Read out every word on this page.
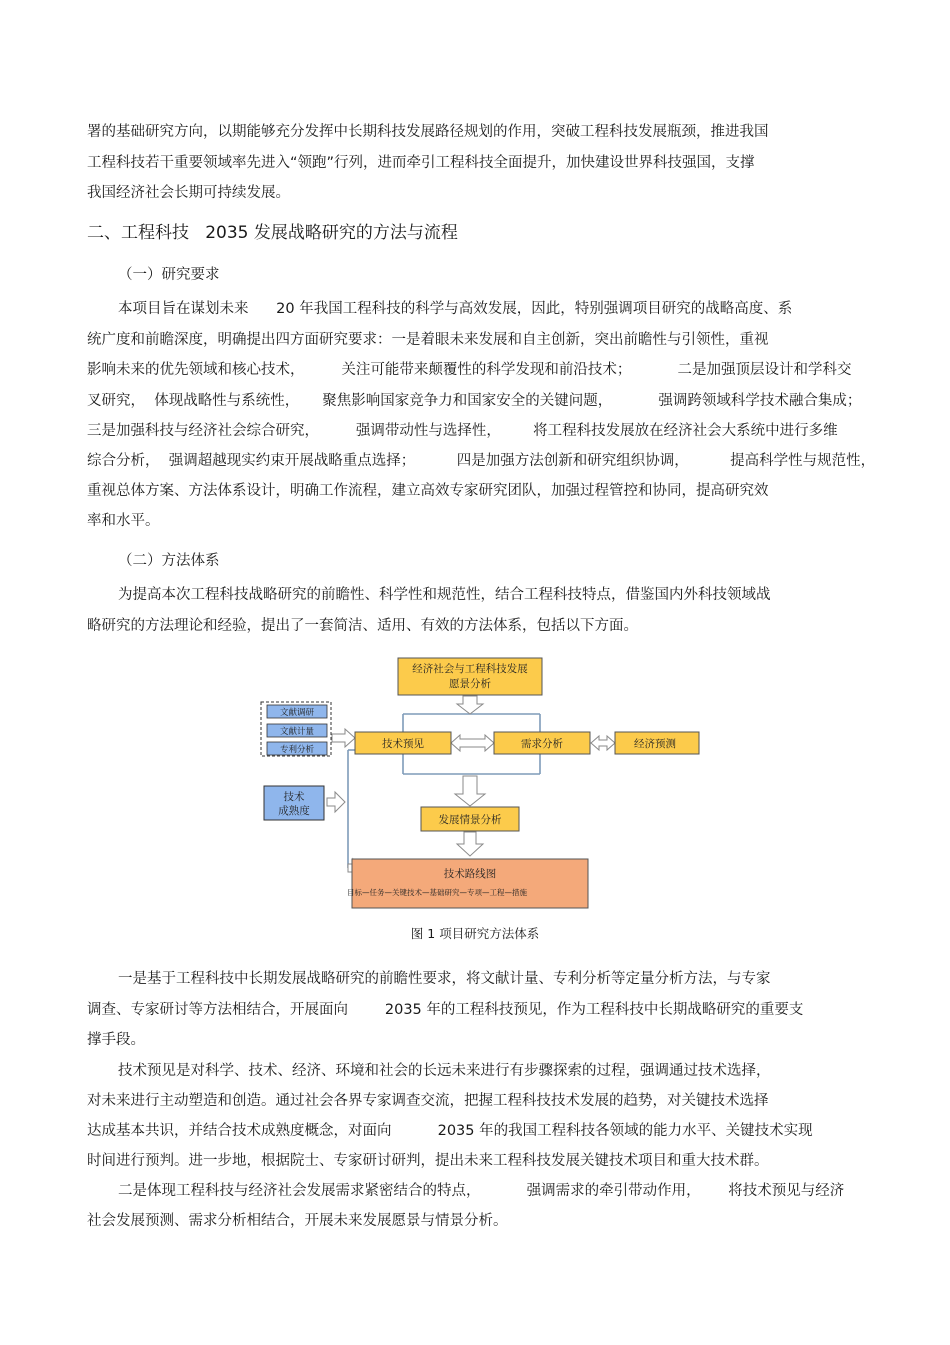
署的基础研究方向，以期能够充分发挥中长期科技发展路径规划的作用，突破工程科技发展瓶颈，推进我国
工程科技若干重要领域率先进入“领跑”行列，进而牵引工程科技全面提升，加快建设世界科技强国，支撑
我国经济社会长期可持续发展。
二、工程科技   2035 发展战略研究的方法与流程
（一）研究要求
本项目旨在谋划未来      20 年我国工程科技的科学与高效发展，因此，特别强调项目研究的战略高度、系
统广度和前瞻深度，明确提出四方面研究要求：一是着眼未来发展和自主创新，突出前瞻性与引领性，重视
影响未来的优先领域和核心技术，        关注可能带来颠覆性的科学发现和前沿技术；          二是加强顶层设计和学科交
叉研究，  体现战略性与系统性，     聚焦影响国家竞争力和国家安全的关键问题，          强调跨领域科学技术融合集成；
三是加强科技与经济社会综合研究，        强调带动性与选择性，       将工程科技发展放在经济社会大系统中进行多维
综合分析，  强调超越现实约束开展战略重点选择；         四是加强方法创新和研究组织协调，         提高科学性与规范性，
重视总体方案、方法体系设计，明确工作流程，建立高效专家研究团队，加强过程管控和协同，提高研究效
率和水平。
（二）方法体系
为提高本次工程科技战略研究的前瞻性、科学性和规范性，结合工程科技特点，借鉴国内外科技领域战
略研究的方法理论和经验，提出了一套简洁、适用、有效的方法体系，包括以下方面。
经济社会与工程科技发展
愿景分析
文献调研
文献计量
专利分析	技术预见	需求分析	经济预测
技术
成熟度
发展情景分析
技术路线图
目标—任务—关键技术—基础研究—专项—工程—措施
图 1 项目研究方法体系
一是基于工程科技中长期发展战略研究的前瞻性要求，将文献计量、专利分析等定量分析方法，与专家
调查、专家研讨等方法相结合，开展面向        2035 年的工程科技预见，作为工程科技中长期战略研究的重要支
撑手段。
技术预见是对科学、技术、经济、环境和社会的长远未来进行有步骤探索的过程，强调通过技术选择，
对未来进行主动塑造和创造。通过社会各界专家调查交流，把握工程科技技术发展的趋势，对关键技术选择
达成基本共识，并结合技术成熟度概念，对面向          2035 年的我国工程科技各领域的能力水平、关键技术实现
时间进行预判。进一步地，根据院士、专家研讨研判，提出未来工程科技发展关键技术项目和重大技术群。
二是体现工程科技与经济社会发展需求紧密结合的特点，          强调需求的牵引带动作用，      将技术预见与经济
社会发展预测、需求分析相结合，开展未来发展愿景与情景分析。
